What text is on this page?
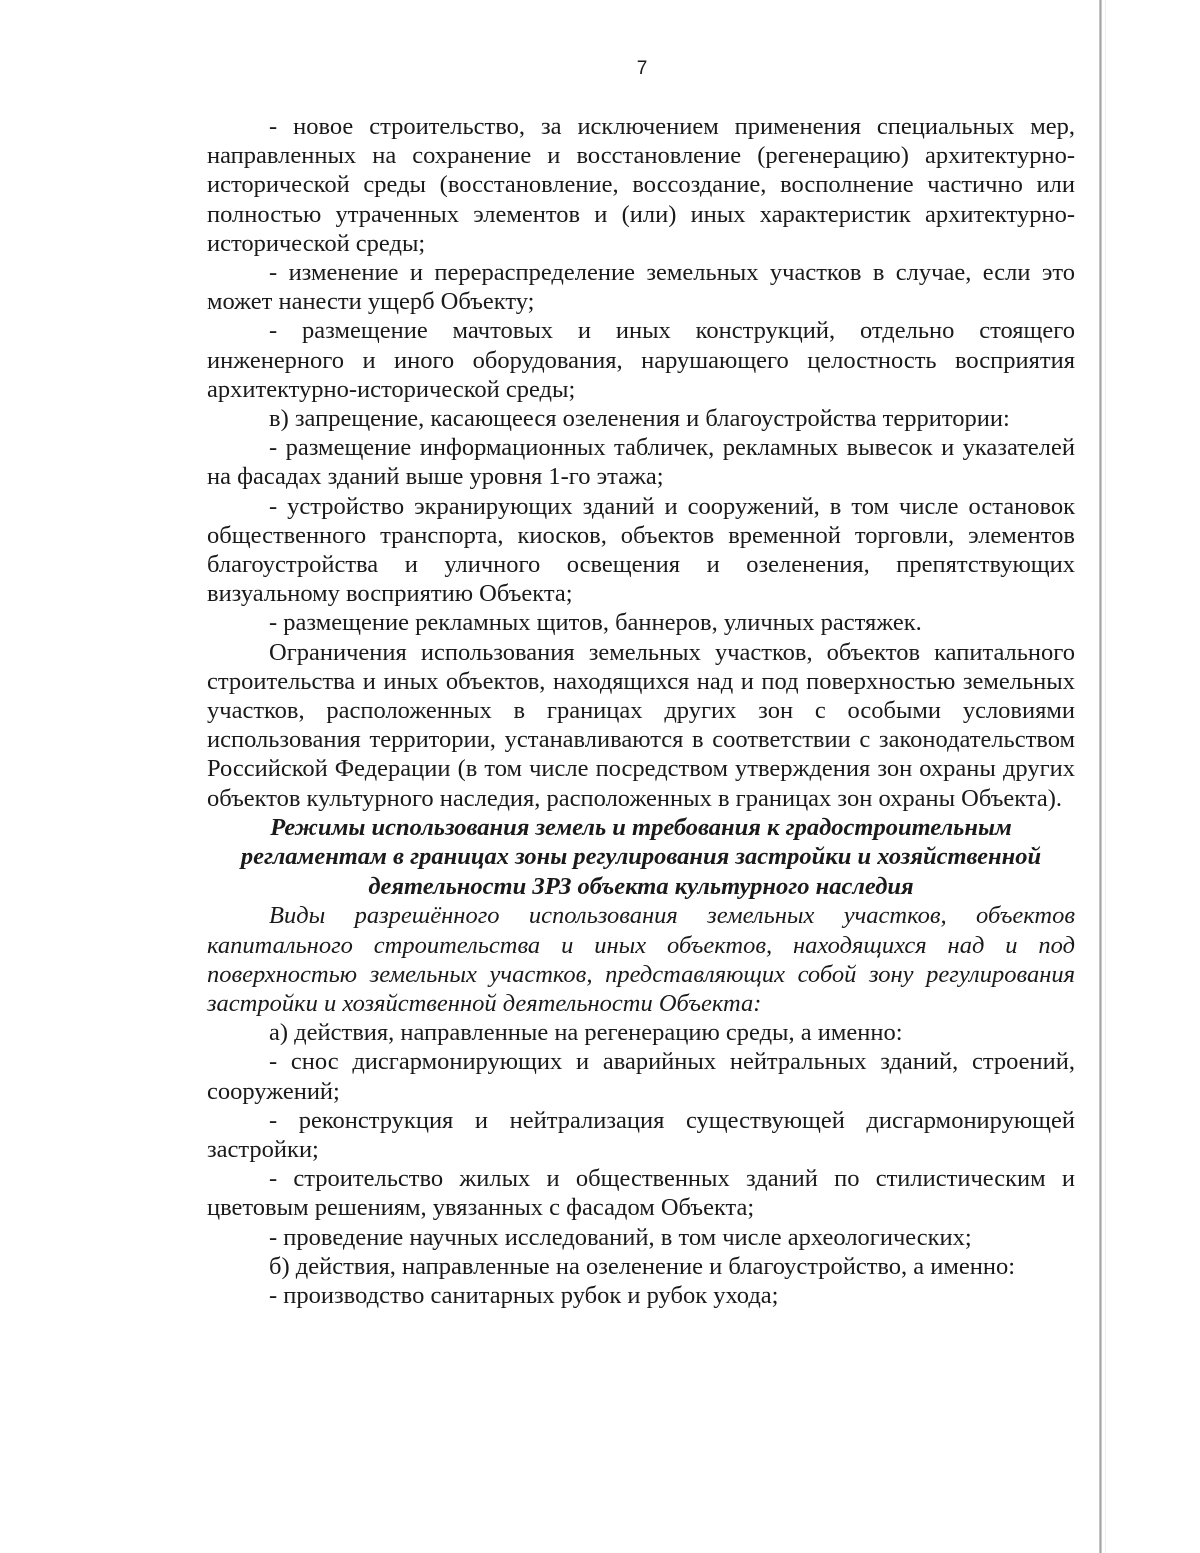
7

- новое строительство, за исключением применения специальных мер, направленных на сохранение и восстановление (регенерацию) архитектурно-исторической среды (восстановление, воссоздание, восполнение частично или полностью утраченных элементов и (или) иных характеристик архитектурно-исторической среды;

- изменение и перераспределение земельных участков в случае, если это может нанести ущерб Объекту;

- размещение мачтовых и иных конструкций, отдельно стоящего инженерного и иного оборудования, нарушающего целостность восприятия архитектурно-исторической среды;

в) запрещение, касающееся озеленения и благоустройства территории:

- размещение информационных табличек, рекламных вывесок и указателей на фасадах зданий выше уровня 1-го этажа;

- устройство экранирующих зданий и сооружений, в том числе остановок общественного транспорта, киосков, объектов временной торговли, элементов благоустройства и уличного освещения и озеленения, препятствующих визуальному восприятию Объекта;

- размещение рекламных щитов, баннеров, уличных растяжек.

Ограничения использования земельных участков, объектов капитального строительства и иных объектов, находящихся над и под поверхностью земельных участков, расположенных в границах других зон с особыми условиями использования территории, устанавливаются в соответствии с законодательством Российской Федерации (в том числе посредством утверждения зон охраны других объектов культурного наследия, расположенных в границах зон охраны Объекта).

Режимы использования земель и требования к градостроительным регламентам в границах зоны регулирования застройки и хозяйственной деятельности ЗРЗ объекта культурного наследия

Виды разрешённого использования земельных участков, объектов капитального строительства и иных объектов, находящихся над и под поверхностью земельных участков, представляющих собой зону регулирования застройки и хозяйственной деятельности Объекта:

а) действия, направленные на регенерацию среды, а именно:

- снос дисгармонирующих и аварийных нейтральных зданий, строений, сооружений;

- реконструкция и нейтрализация существующей дисгармонирующей застройки;

- строительство жилых и общественных зданий по стилистическим и цветовым решениям, увязанных с фасадом Объекта;

- проведение научных исследований, в том числе археологических;

б) действия, направленные на озеленение и благоустройство, а именно:

- производство санитарных рубок и рубок ухода;
